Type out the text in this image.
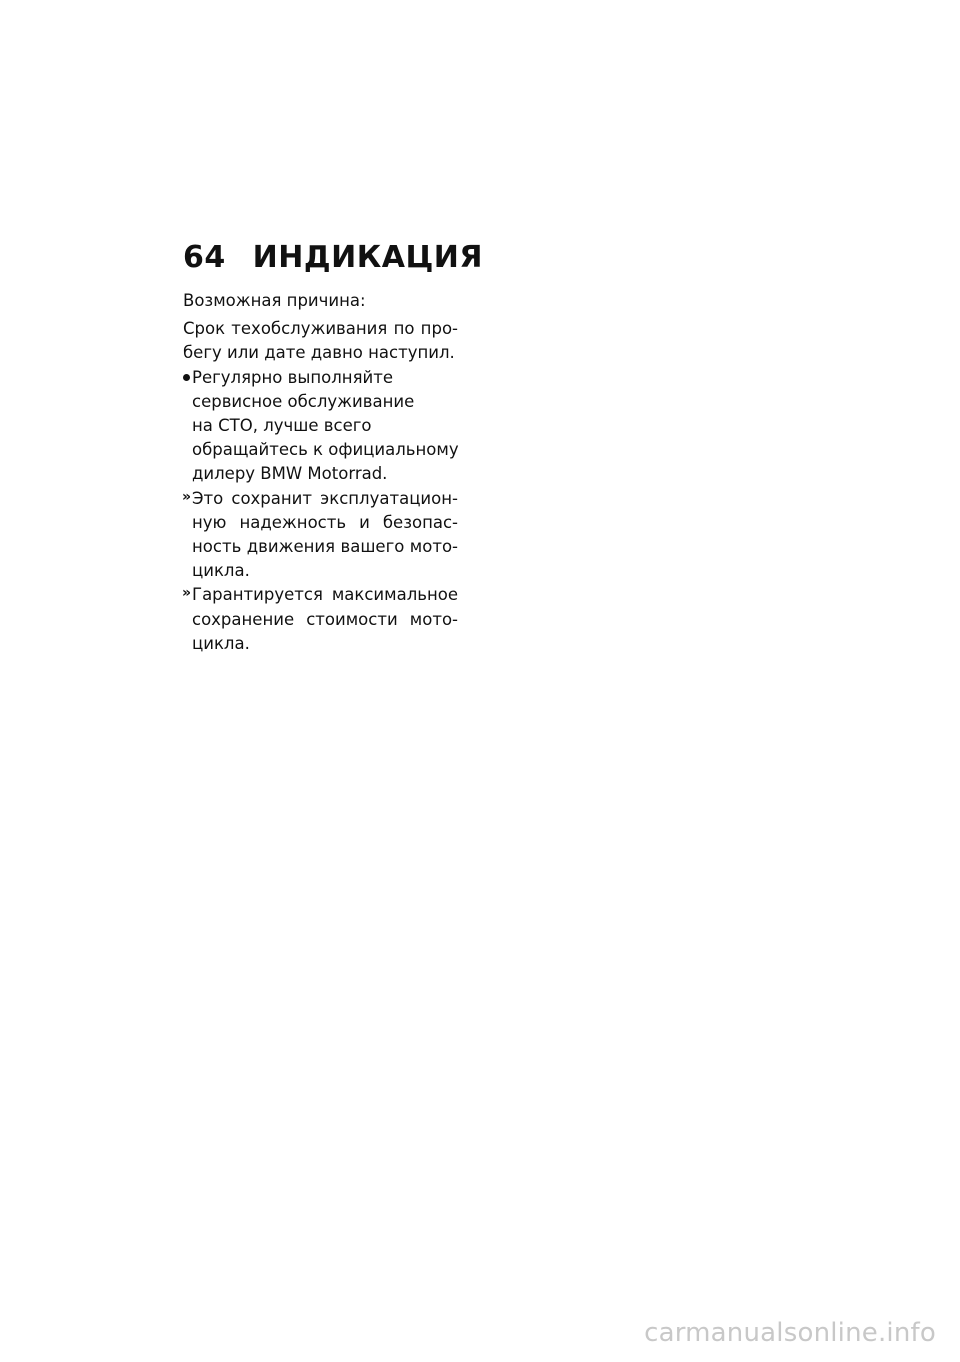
64 ИНДИКАЦИЯ
Возможная причина:
Срок техобслуживания по про-
бегу или дате давно наступил.
Регулярно выполняйте
сервисное обслуживание
на СТО, лучше всего
обращайтесь к официальному
дилеру BMW Motorrad.
» Это сохранит эксплуатацион-
ную надежность и безопас-
ность движения вашего мото-
цикла.
» Гарантируется максимальное
сохранение стоимости мото-
цикла.
carmanualsonline.info
